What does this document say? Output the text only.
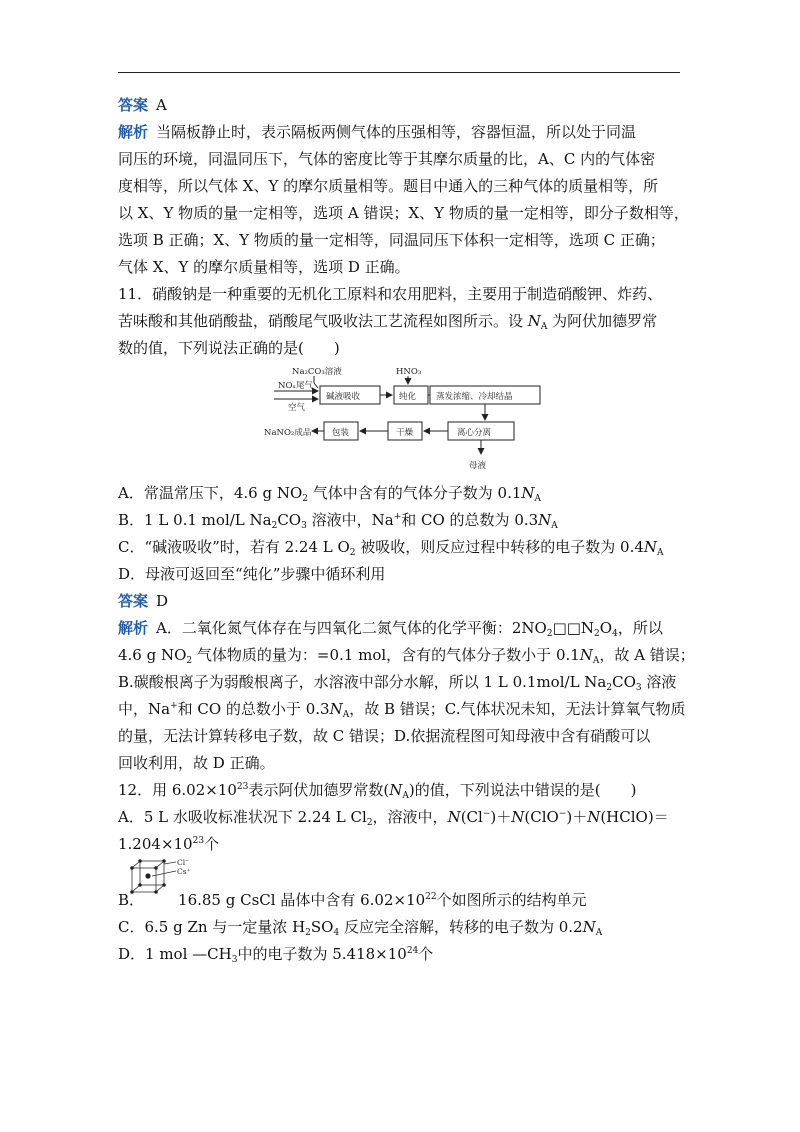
答案 A
解析 当隔板静止时，表示隔板两侧气体的压强相等，容器恒温，所以处于同温
同压的环境，同温同压下，气体的密度比等于其摩尔质量的比，A、C 内的气体密
度相等，所以气体 X、Y 的摩尔质量相等。题目中通入的三种气体的质量相等，所
以 X、Y 物质的量一定相等，选项 A 错误；X、Y 物质的量一定相等，即分子数相等，
选项 B 正确；X、Y 物质的量一定相等，同温同压下体积一定相等，选项 C 正确；
气体 X、Y 的摩尔质量相等，选项 D 正确。
11．硝酸钠是一种重要的无机化工原料和农用肥料，主要用于制造硝酸钾、炸药、
苦味酸和其他硝酸盐，硝酸尾气吸收法工艺流程如图所示。设 $N_A$ 为阿伏加德罗常
数的值，下列说法正确的是(　　)
Na₂CO₃溶液
NOₓ尾气
空气
HNO₃
碱液吸收	纯化 蒸发浓缩、冷却结晶
离心分离
干燥
包装
NaNO₂成品
母液
A．常温常压下，4.6 g $NO_2$ 气体中含有的气体分子数为 $0.1N_A$
B．1 L 0.1 mol/L $Na_2CO_3$ 溶液中，Na+和 CO 的总数为 $0.3N_A$
C．“碱液吸收”时，若有 2.24 L $O_2$ 被吸收，则反应过程中转移的电子数为 $0.4N_A$
D．母液可返回至“纯化”步骤中循环利用
答案 D
解析 A．二氧化氮气体存在与四氧化二氮气体的化学平衡：$2NO_2□□N_2O_4$，所以
4.6 g $NO_2$ 气体物质的量为：=0.1 mol，含有的气体分子数小于 $0.1N_A$，故 A 错误；
B.碳酸根离子为弱酸根离子，水溶液中部分水解，所以 1 L 0.1mol/L $Na_2CO_3$ 溶液
中，Na+和 CO 的总数小于 $0.3N_A$，故 B 错误；C.气体状况未知，无法计算氧气物质
的量，无法计算转移电子数，故 C 错误；D.依据流程图可知母液中含有硝酸可以
回收利用，故 D 正确。
12．用 $6.02\times 10^{23}$表示阿伏加德罗常数$(N_A)$的值，下列说法中错误的是(　　)
A．5 L 水吸收标准状况下 2.24 L $Cl_2$，溶液中，N(Cl−)＋N(ClO−)＋N(HClO)＝
$1.204\times 10^{23}$个
Cl⁻
Cs⁺
B． 16.85 g CsCl 晶体中含有 $6.02\times 10^{22}$个如图所示的结构单元
C．6.5 g Zn 与一定量浓 $H_2SO_4$ 反应完全溶解，转移的电子数为 $0.2N_A$
D．1 mol $—CH_3$中的电子数为 $5.418\times 10^{24}$个
